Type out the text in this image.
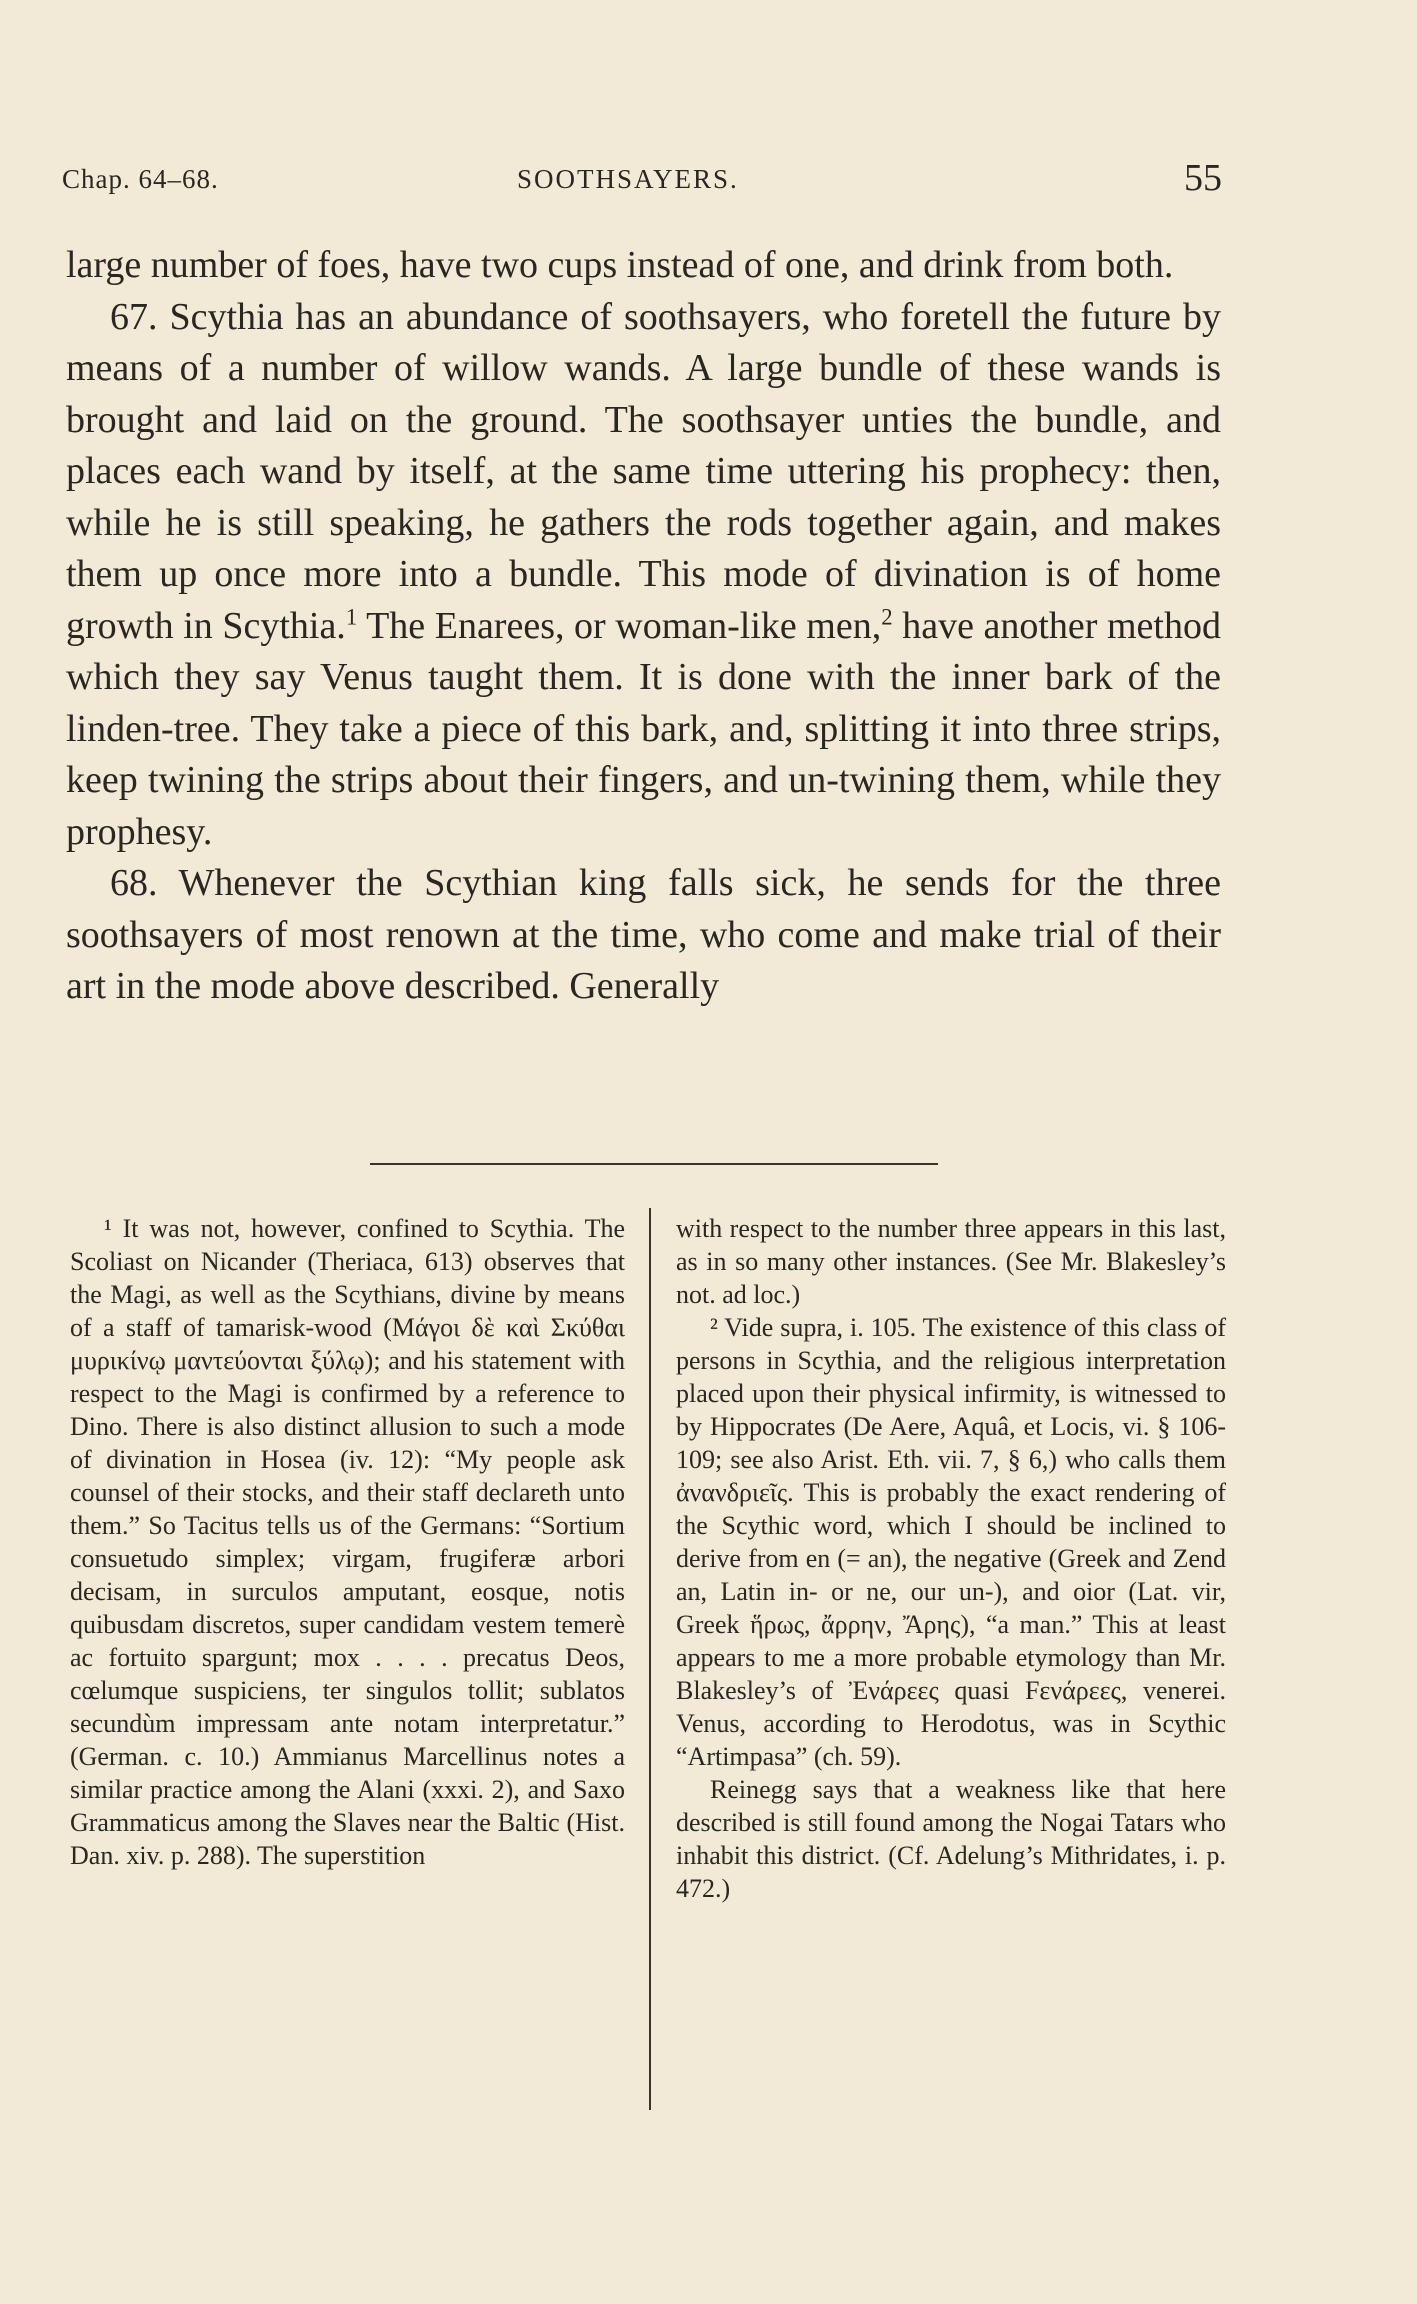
Chap. 64–68.	SOOTHSAYERS.	55

large number of foes, have two cups instead of one, and drink from both.

67. Scythia has an abundance of soothsayers, who foretell the future by means of a number of willow wands. A large bundle of these wands is brought and laid on the ground. The soothsayer unties the bundle, and places each wand by itself, at the same time uttering his prophecy: then, while he is still speaking, he gathers the rods together again, and makes them up once more into a bundle. This mode of divination is of home growth in Scythia.$^1$ The Enarees, or woman-like men,$^2$ have another method which they say Venus taught them. It is done with the inner bark of the linden-tree. They take a piece of this bark, and, splitting it into three strips, keep twining the strips about their fingers, and un-twining them, while they prophesy.

68. Whenever the Scythian king falls sick, he sends for the three soothsayers of most renown at the time, who come and make trial of their art in the mode above described. Generally

¹ It was not, however, confined to Scythia. The Scoliast on Nicander (Theriaca, 613) observes that the Magi, as well as the Scythians, divine by means of a staff of tamarisk-wood (Μάγοι δὲ καὶ Σκύθαι μυρικίνῳ μαντεύονται ξύλῳ); and his statement with respect to the Magi is confirmed by a reference to Dino. There is also distinct allusion to such a mode of divination in Hosea (iv. 12): “My people ask counsel of their stocks, and their staff declareth unto them.” So Tacitus tells us of the Germans: “Sortium consuetudo simplex; virgam, frugiferæ arbori decisam, in surculos amputant, eosque, notis quibusdam discretos, super candidam vestem temerè ac fortuito spargunt; mox . . . . precatus Deos, cœlumque suspiciens, ter singulos tollit; sublatos secundùm impressam ante notam interpretatur.” (German. c. 10.) Ammianus Marcellinus notes a similar practice among the Alani (xxxi. 2), and Saxo Grammaticus among the Slaves near the Baltic (Hist. Dan. xiv. p. 288). The superstition

with respect to the number three appears in this last, as in so many other instances. (See Mr. Blakesley’s not. ad loc.)

² Vide supra, i. 105. The existence of this class of persons in Scythia, and the religious interpretation placed upon their physical infirmity, is witnessed to by Hippocrates (De Aere, Aquâ, et Locis, vi. § 106-109; see also Arist. Eth. vii. 7, § 6,) who calls them ἀνανδριεῖς. This is probably the exact rendering of the Scythic word, which I should be inclined to derive from en (= an), the negative (Greek and Zend an, Latin in- or ne, our un-), and oior (Lat. vir, Greek ἥρως, ἄρρην, Ἄρης), “a man.” This at least appears to me a more probable etymology than Mr. Blakesley’s of Ἐνάρεες quasi Fενάρεες, venerei. Venus, according to Herodotus, was in Scythic “Artimpasa” (ch. 59).

Reinegg says that a weakness like that here described is still found among the Nogai Tatars who inhabit this district. (Cf. Adelung’s Mithridates, i. p. 472.)
